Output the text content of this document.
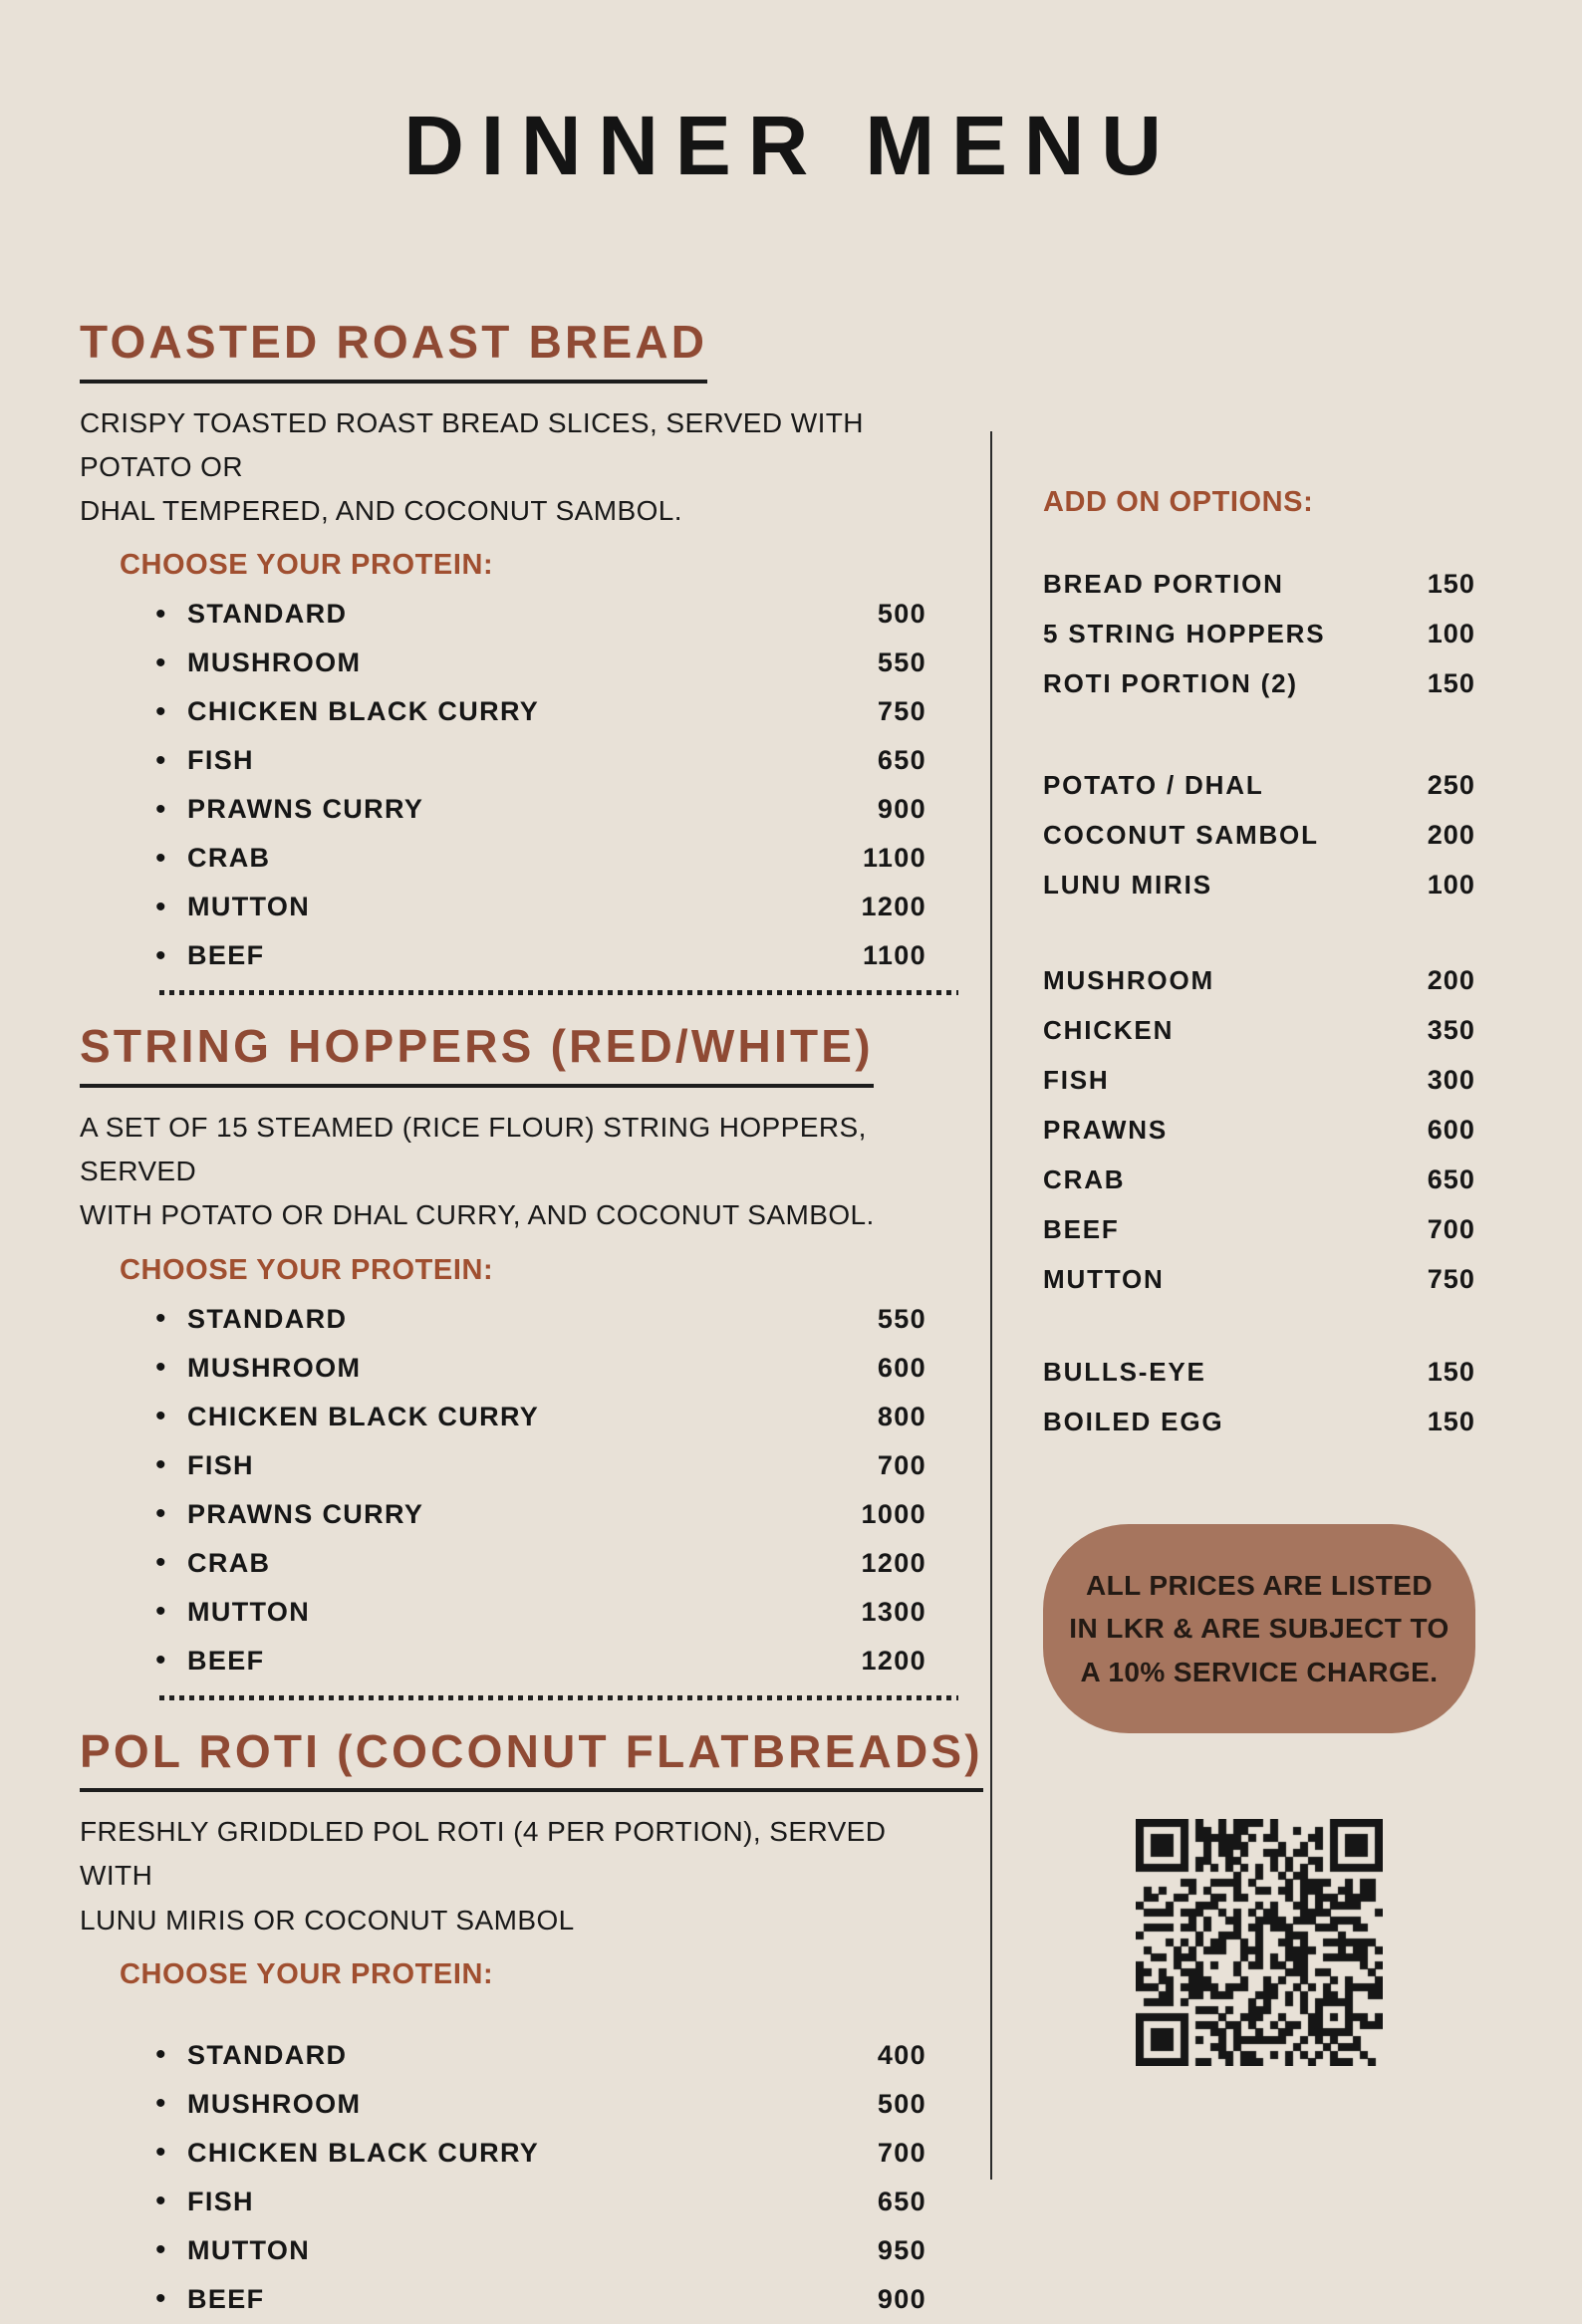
DINNER MENU
TOASTED ROAST BREAD
CRISPY TOASTED ROAST BREAD SLICES, SERVED WITH POTATO OR
DHAL TEMPERED, AND COCONUT SAMBOL.
CHOOSE YOUR PROTEIN:
• STANDARD	500
• MUSHROOM	550
• CHICKEN BLACK CURRY	750
• FISH	650
• PRAWNS CURRY	900
• CRAB	1100
• MUTTON	1200
• BEEF	1100
STRING HOPPERS (RED/WHITE)
A SET OF 15 STEAMED (RICE FLOUR) STRING HOPPERS, SERVED
WITH POTATO OR DHAL CURRY, AND COCONUT SAMBOL.
CHOOSE YOUR PROTEIN:
• STANDARD	550
• MUSHROOM	600
• CHICKEN BLACK CURRY	800
• FISH	700
• PRAWNS CURRY	1000
• CRAB	1200
• MUTTON	1300
• BEEF	1200
POL ROTI (COCONUT FLATBREADS)
FRESHLY GRIDDLED POL ROTI (4 PER PORTION), SERVED WITH
LUNU MIRIS OR COCONUT SAMBOL
CHOOSE YOUR PROTEIN:
• STANDARD	400
• MUSHROOM	500
• CHICKEN BLACK CURRY	700
• FISH	650
• MUTTON	950
• BEEF	900
ADD ON OPTIONS:
BREAD PORTION	150
5 STRING HOPPERS	100
ROTI PORTION (2)	150
POTATO / DHAL	250
COCONUT SAMBOL	200
LUNU MIRIS	100
MUSHROOM	200
CHICKEN	350
FISH	300
PRAWNS	600
CRAB	650
BEEF	700
MUTTON	750
BULLS-EYE	150
BOILED EGG	150
ALL PRICES ARE LISTED
IN LKR & ARE SUBJECT TO
A 10% SERVICE CHARGE.
